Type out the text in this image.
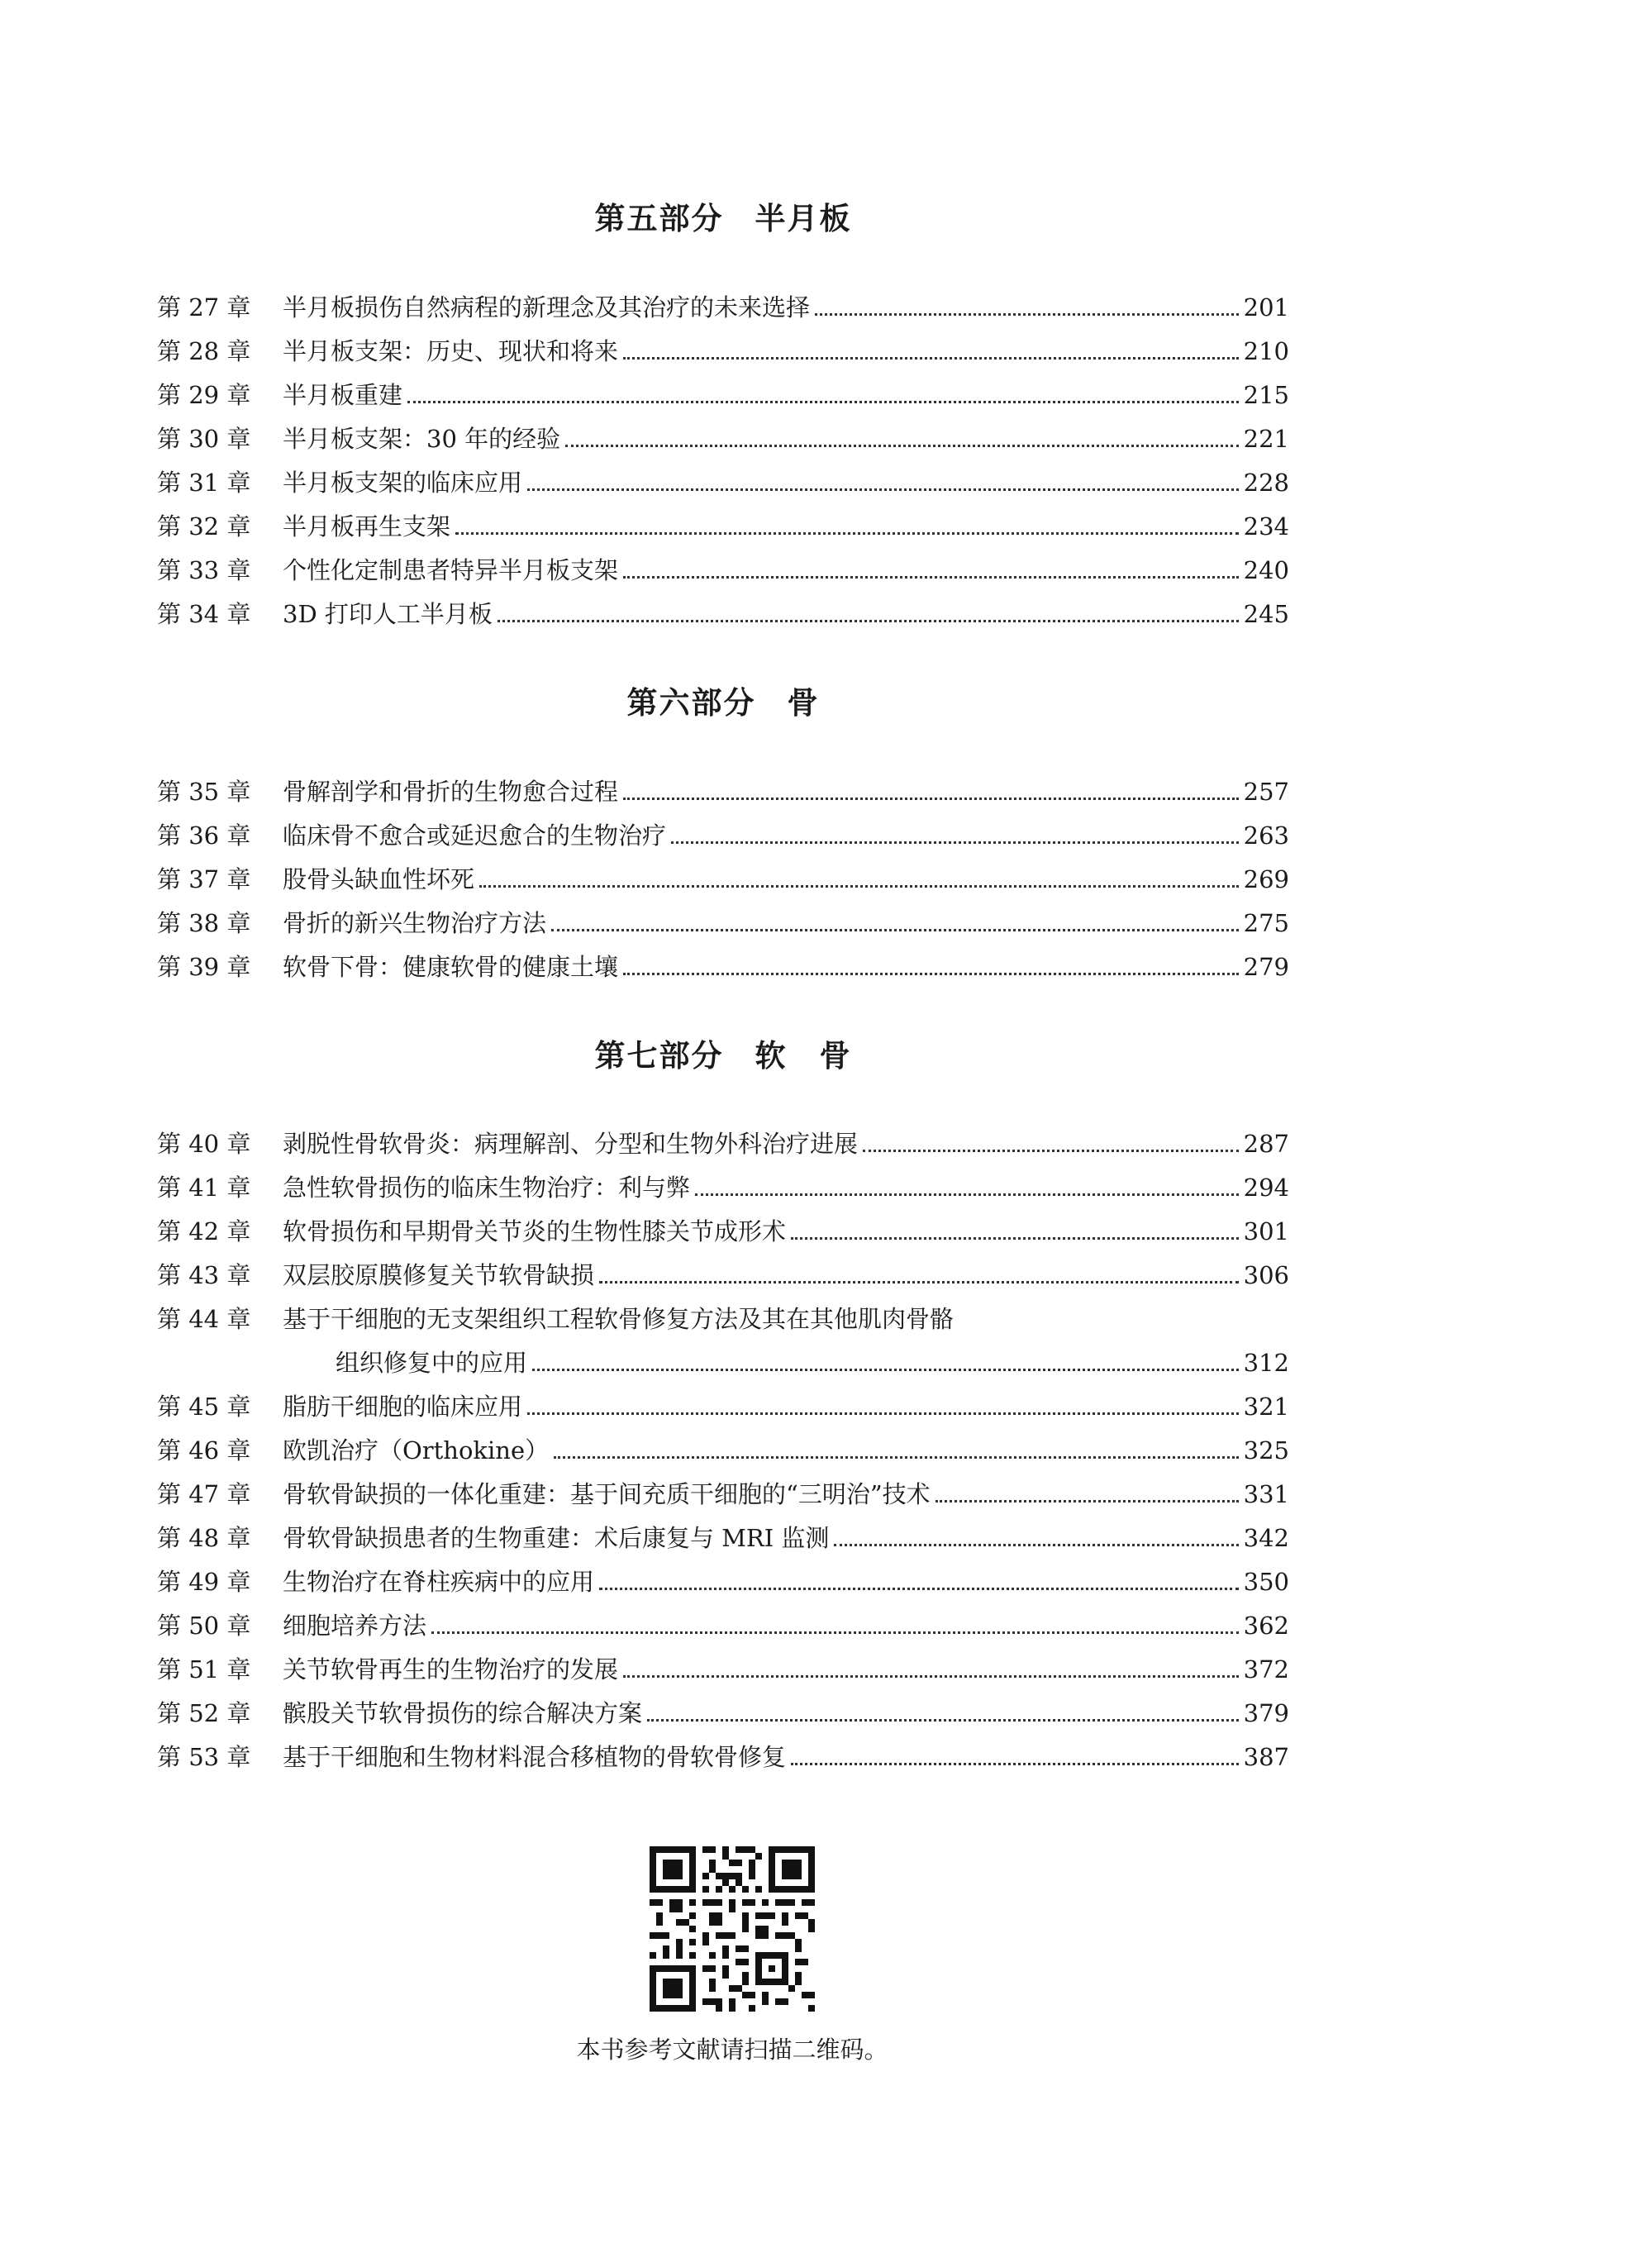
第五部分 半月板
第 27 章	半月板损伤自然病程的新理念及其治疗的未来选择	201
第 28 章	半月板支架：历史、现状和将来	210
第 29 章	半月板重建	215
第 30 章	半月板支架：30 年的经验	221
第 31 章	半月板支架的临床应用	228
第 32 章	半月板再生支架	234
第 33 章	个性化定制患者特异半月板支架	240
第 34 章	3D 打印人工半月板	245
第六部分 骨
第 35 章	骨解剖学和骨折的生物愈合过程	257
第 36 章	临床骨不愈合或延迟愈合的生物治疗	263
第 37 章	股骨头缺血性坏死	269
第 38 章	骨折的新兴生物治疗方法	275
第 39 章	软骨下骨：健康软骨的健康土壤	279
第七部分 软　骨
第 40 章	剥脱性骨软骨炎：病理解剖、分型和生物外科治疗进展	287
第 41 章	急性软骨损伤的临床生物治疗：利与弊	294
第 42 章	软骨损伤和早期骨关节炎的生物性膝关节成形术	301
第 43 章	双层胶原膜修复关节软骨缺损	306
第 44 章	基于干细胞的无支架组织工程软骨修复方法及其在其他肌肉骨骼
组织修复中的应用	312
第 45 章	脂肪干细胞的临床应用	321
第 46 章	欧凯治疗（Orthokine）	325
第 47 章	骨软骨缺损的一体化重建：基于间充质干细胞的“三明治”技术	331
第 48 章	骨软骨缺损患者的生物重建：术后康复与 MRI 监测	342
第 49 章	生物治疗在脊柱疾病中的应用	350
第 50 章	细胞培养方法	362
第 51 章	关节软骨再生的生物治疗的发展	372
第 52 章	髌股关节软骨损伤的综合解决方案	379
第 53 章	基于干细胞和生物材料混合移植物的骨软骨修复	387
本书参考文献请扫描二维码。
